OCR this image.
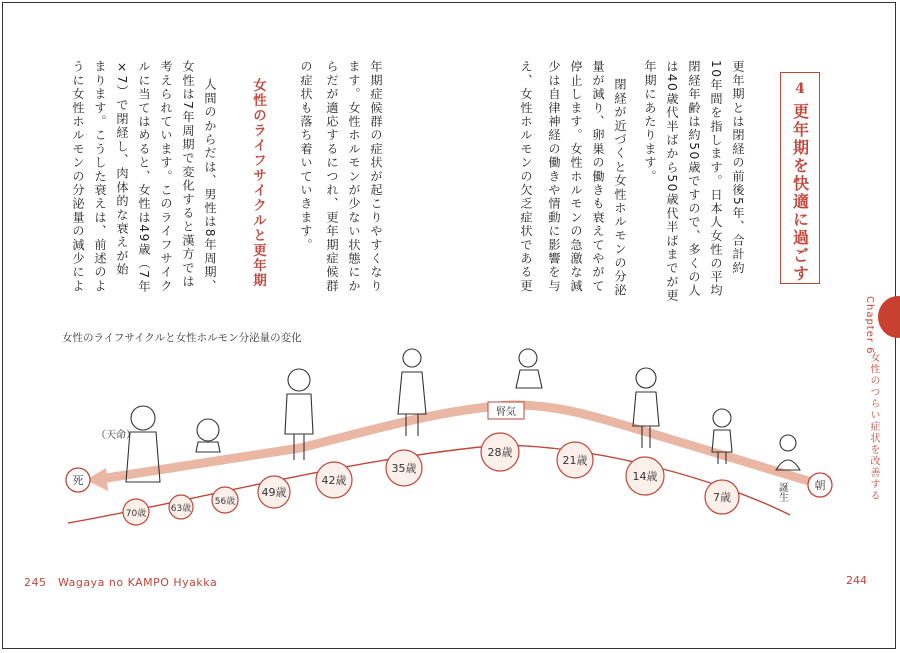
更年期とは閉経の前後5年、合計約
10年間を指します。日本人女性の平均
閉経年齢は約50歳ですので、多くの人
は40歳代半ばから50歳代半ばまでが更
年期にあたります。
閉経が近づくと女性ホルモンの分泌
量が減り、卵巣の働きも衰えてやがて
停止します。女性ホルモンの急激な減
少は自律神経の働きや情動に影響を与
え、女性ホルモンの欠乏症状である更
年期症候群の症状が起こりやすくなり
ます。女性ホルモンが少ない状態にか
らだが適応するにつれ、更年期症候群
の症状も落ち着いていきます。
人間のからだは、男性は8年周期、
女性は7年周期で変化すると漢方では
考えられています。このライフサイク
ルに当てはめると、女性は49歳（7年
×7）で閉経し、肉体的な衰えが始
まります。こうした衰えは、前述のよ
うに女性ホルモンの分泌量の減少によ	女性のライフサイクルと更年期	4
更年期を快適に過ごす
Chapter 6
女性のつらい症状を改善する
女性のライフサイクルと女性ホルモン分泌量の変化
死	朝
誕生
腎気
（天命）
7歳
14歳
21歳
28歳
35歳
42歳
49歳
56歳
63歳
70歳
245　Wagaya no KAMPO Hyakka	244
